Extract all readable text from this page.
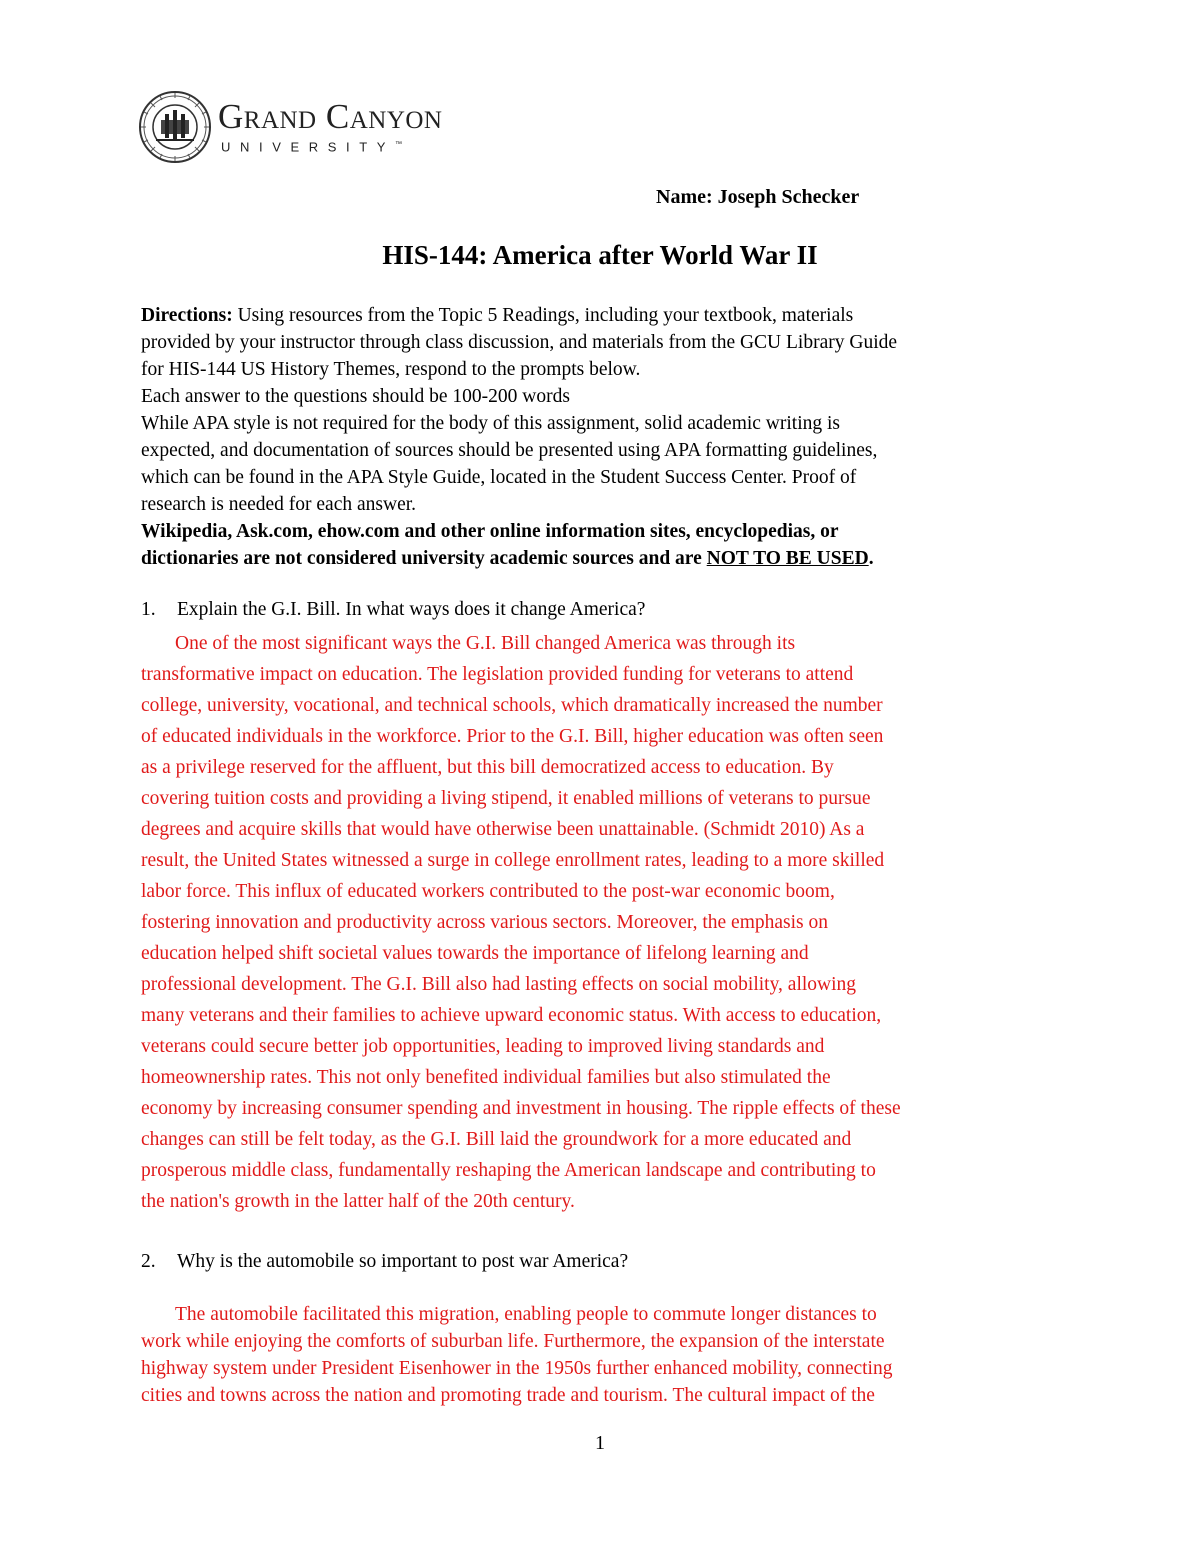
Grand Canyon
UNIVERSITY™
Name: Joseph Schecker
HIS-144: America after World War II

Directions: Using resources from the Topic 5 Readings, including your textbook, materials

provided by your instructor through class discussion, and materials from the GCU Library Guide

for HIS-144 US History Themes, respond to the prompts below.

Each answer to the questions should be 100-200 words

While APA style is not required for the body of this assignment, solid academic writing is

expected, and documentation of sources should be presented using APA formatting guidelines,

which can be found in the APA Style Guide, located in the Student Success Center. Proof of

research is needed for each answer.

Wikipedia, Ask.com, ehow.com and other online information sites, encyclopedias, or

dictionaries are not considered university academic sources and are NOT TO BE USED.

1. Explain the G.I. Bill. In what ways does it change America?
One of the most significant ways the G.I. Bill changed America was through its
transformative impact on education. The legislation provided funding for veterans to attend
college, university, vocational, and technical schools, which dramatically increased the number
of educated individuals in the workforce. Prior to the G.I. Bill, higher education was often seen
as a privilege reserved for the affluent, but this bill democratized access to education. By
covering tuition costs and providing a living stipend, it enabled millions of veterans to pursue
degrees and acquire skills that would have otherwise been unattainable. (Schmidt 2010) As a
result, the United States witnessed a surge in college enrollment rates, leading to a more skilled
labor force. This influx of educated workers contributed to the post-war economic boom,
fostering innovation and productivity across various sectors. Moreover, the emphasis on
education helped shift societal values towards the importance of lifelong learning and
professional development. The G.I. Bill also had lasting effects on social mobility, allowing
many veterans and their families to achieve upward economic status. With access to education,
veterans could secure better job opportunities, leading to improved living standards and
homeownership rates. This not only benefited individual families but also stimulated the
economy by increasing consumer spending and investment in housing. The ripple effects of these
changes can still be felt today, as the G.I. Bill laid the groundwork for a more educated and
prosperous middle class, fundamentally reshaping the American landscape and contributing to
the nation's growth in the latter half of the 20th century.
2. Why is the automobile so important to post war America?
The automobile facilitated this migration, enabling people to commute longer distances to
work while enjoying the comforts of suburban life. Furthermore, the expansion of the interstate
highway system under President Eisenhower in the 1950s further enhanced mobility, connecting
cities and towns across the nation and promoting trade and tourism. The cultural impact of the
1
